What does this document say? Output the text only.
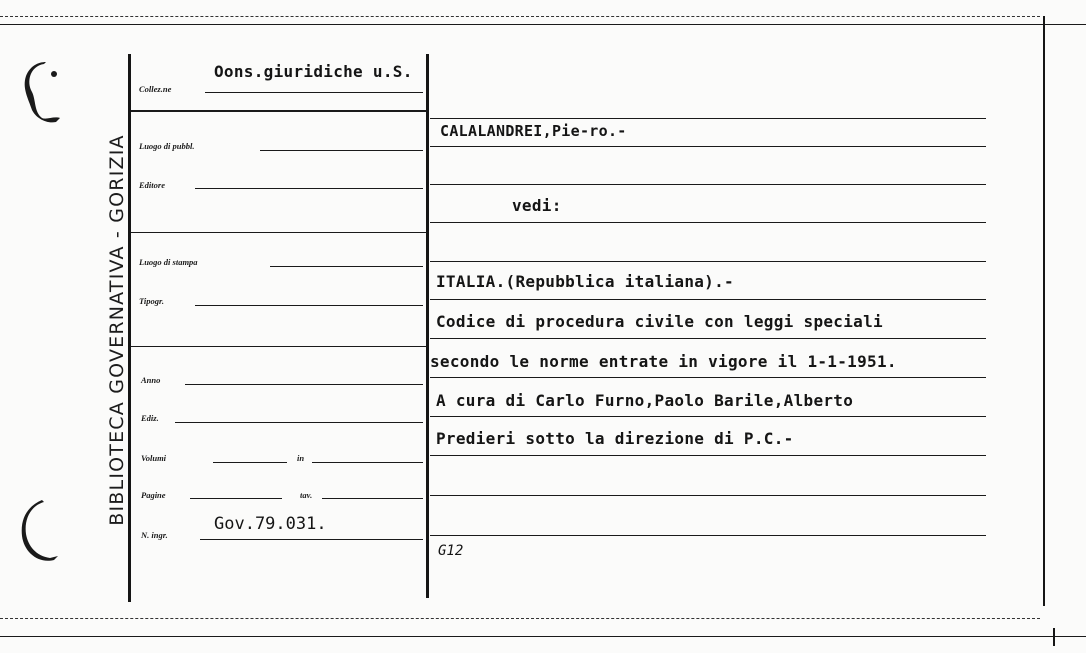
BIBLIOTECA GOVERNATIVA - GORIZIA
Collez.ne
Oons.giuridiche u.S.
Luogo di pubbl.
Editore
Luogo di stampa
Tipogr.
Anno
Ediz.
Volumi	in
Pagine	tav.
N. ingr.
Gov.79.031.
CALALANDREI,Pie-ro.-
vedi:
ITALIA.(Repubblica italiana).-
Codice di procedura civile con leggi speciali
secondo le norme entrate in vigore il 1-1-1951.
A cura di Carlo Furno,Paolo Barile,Alberto
Predieri sotto la direzione di P.C.-
G12
